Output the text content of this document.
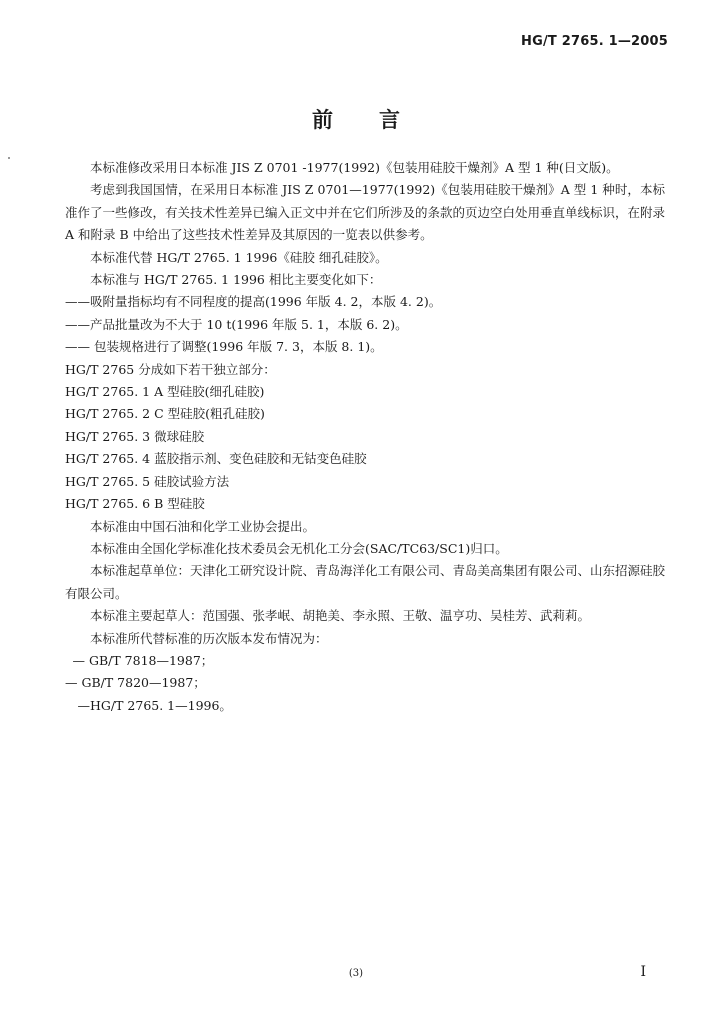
HG/T 2765. 1—2005
前言

本标准修改采用日本标准 JIS Z 0701 -1977(1992)《包装用硅胶干燥剂》A 型 1 种(日文版)。

考虑到我国国情，在采用日本标准 JIS Z 0701—1977(1992)《包装用硅胶干燥剂》A 型 1 种时，本标准作了一些修改，有关技术性差异已编入正文中并在它们所涉及的条款的页边空白处用垂直单线标识，在附录 A 和附录 B 中给出了这些技术性差异及其原因的一览表以供参考。

本标准代替 HG/T 2765. 1 1996《硅胶 细孔硅胶》。

本标准与 HG/T 2765. 1 1996 相比主要变化如下：

——吸附量指标均有不同程度的提高(1996 年版 4. 2，本版 4. 2)。

——产品批量改为不大于 10 t(1996 年版 5. 1，本版 6. 2)。

—— 包装规格进行了调整(1996 年版 7. 3，本版 8. 1)。

HG/T 2765 分成如下若干独立部分：

HG/T 2765. 1 A 型硅胶(细孔硅胶)

HG/T 2765. 2 C 型硅胶(粗孔硅胶)

HG/T 2765. 3 微球硅胶

HG/T 2765. 4 蓝胶指示剂、变色硅胶和无钴变色硅胶

HG/T 2765. 5 硅胶试验方法

HG/T 2765. 6 B 型硅胶

本标准由中国石油和化学工业协会提出。

本标准由全国化学标准化技术委员会无机化工分会(SAC/TC63/SC1)归口。

本标准起草单位：天津化工研究设计院、青岛海洋化工有限公司、青岛美高集团有限公司、山东招源硅胶有限公司。

本标准主要起草人：范国强、张孝岷、胡艳美、李永照、王敬、温亨功、吴桂芳、武莉莉。

本标准所代替标准的历次版本发布情况为：

— GB/T 7818—1987；

— GB/T 7820—1987；

—HG/T 2765. 1—1996。

(3)	I
